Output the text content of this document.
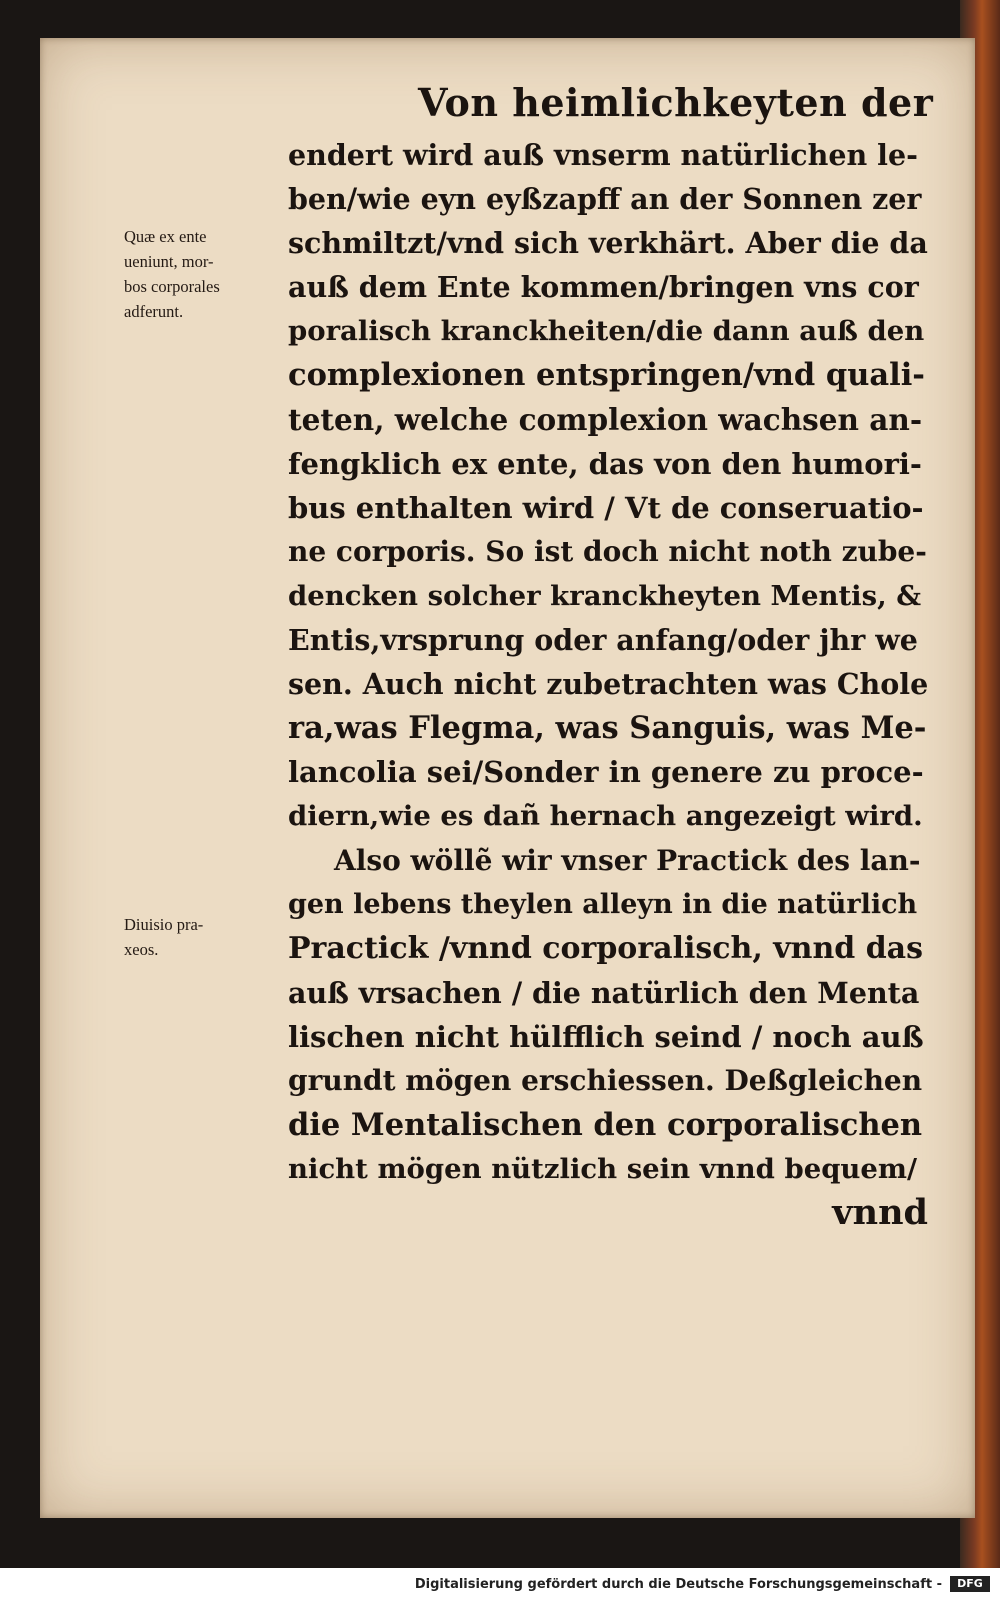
Von heimlichkeyten der
Quæ ex ente
ueniunt, mor-
bos corporales
adferunt.
Diuisio pra-
xeos.
endert wird auß vnserm natürlichen le-
ben/wie eyn eyßzapff an der Sonnen zer
schmiltzt/vnd sich verkhärt. Aber die da
auß dem Ente kommen/bringen vns cor
poralisch kranckheiten/die dann auß den
complexionen entspringen/vnd quali-
teten, welche complexion wachsen an-
fengklich ex ente, das von den humori-
bus enthalten wird / Vt de conseruatio-
ne corporis. So ist doch nicht noth zube-
dencken solcher kranckheyten Mentis, &
Entis,vrsprung oder anfang/oder jhr we
sen. Auch nicht zubetrachten was Chole
ra,was Flegma, was Sanguis, was Me-
lancolia sei/Sonder in genere zu proce-
diern,wie es dañ hernach angezeigt wird.
Also wöllẽ wir vnser Practick des lan-
gen lebens theylen alleyn in die natürlich
Practick /vnnd corporalisch, vnnd das
auß vrsachen / die natürlich den Menta
lischen nicht hülfflich seind / noch auß
grundt mögen erschiessen. Deßgleichen
die Mentalischen den corporalischen
nicht mögen nützlich sein vnnd bequem/
vnnd
Digitalisierung gefördert durch die Deutsche Forschungsgemeinschaft -	DFG
